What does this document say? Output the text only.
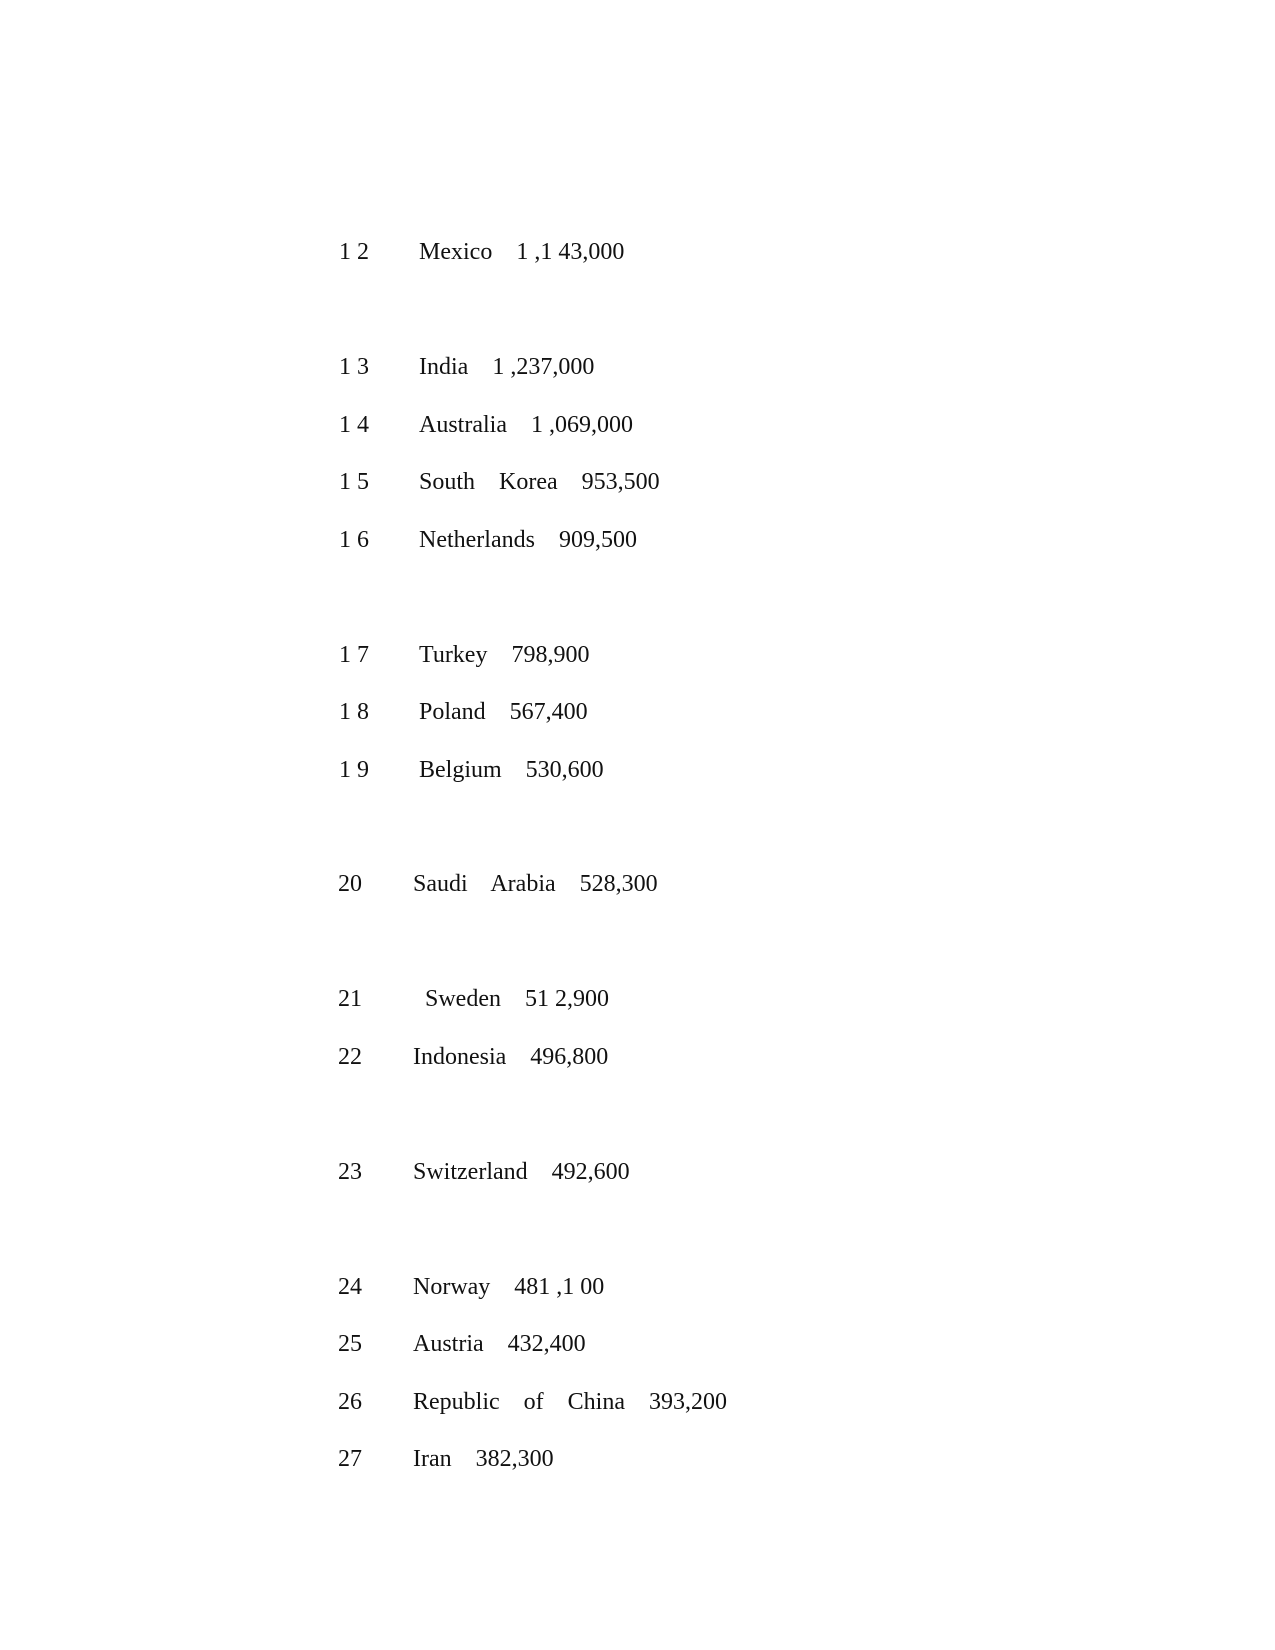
1 2

Mexico    1 ,1 43,000

1 3

India    1 ,237,000

1 4

Australia    1 ,069,000

1 5

South    Korea    953,500

1 6

Netherlands    909,500

1 7

Turkey    798,900

1 8

Poland    567,400

1 9

Belgium    530,600

20

Saudi    Arabia    528,300

21

	Sweden    51 2,900

22

Indonesia    496,800

23

Switzerland    492,600

24

Norway    481 ,1 00

25

Austria    432,400

26

Republic    of    China    393,200

27

Iran    382,300
